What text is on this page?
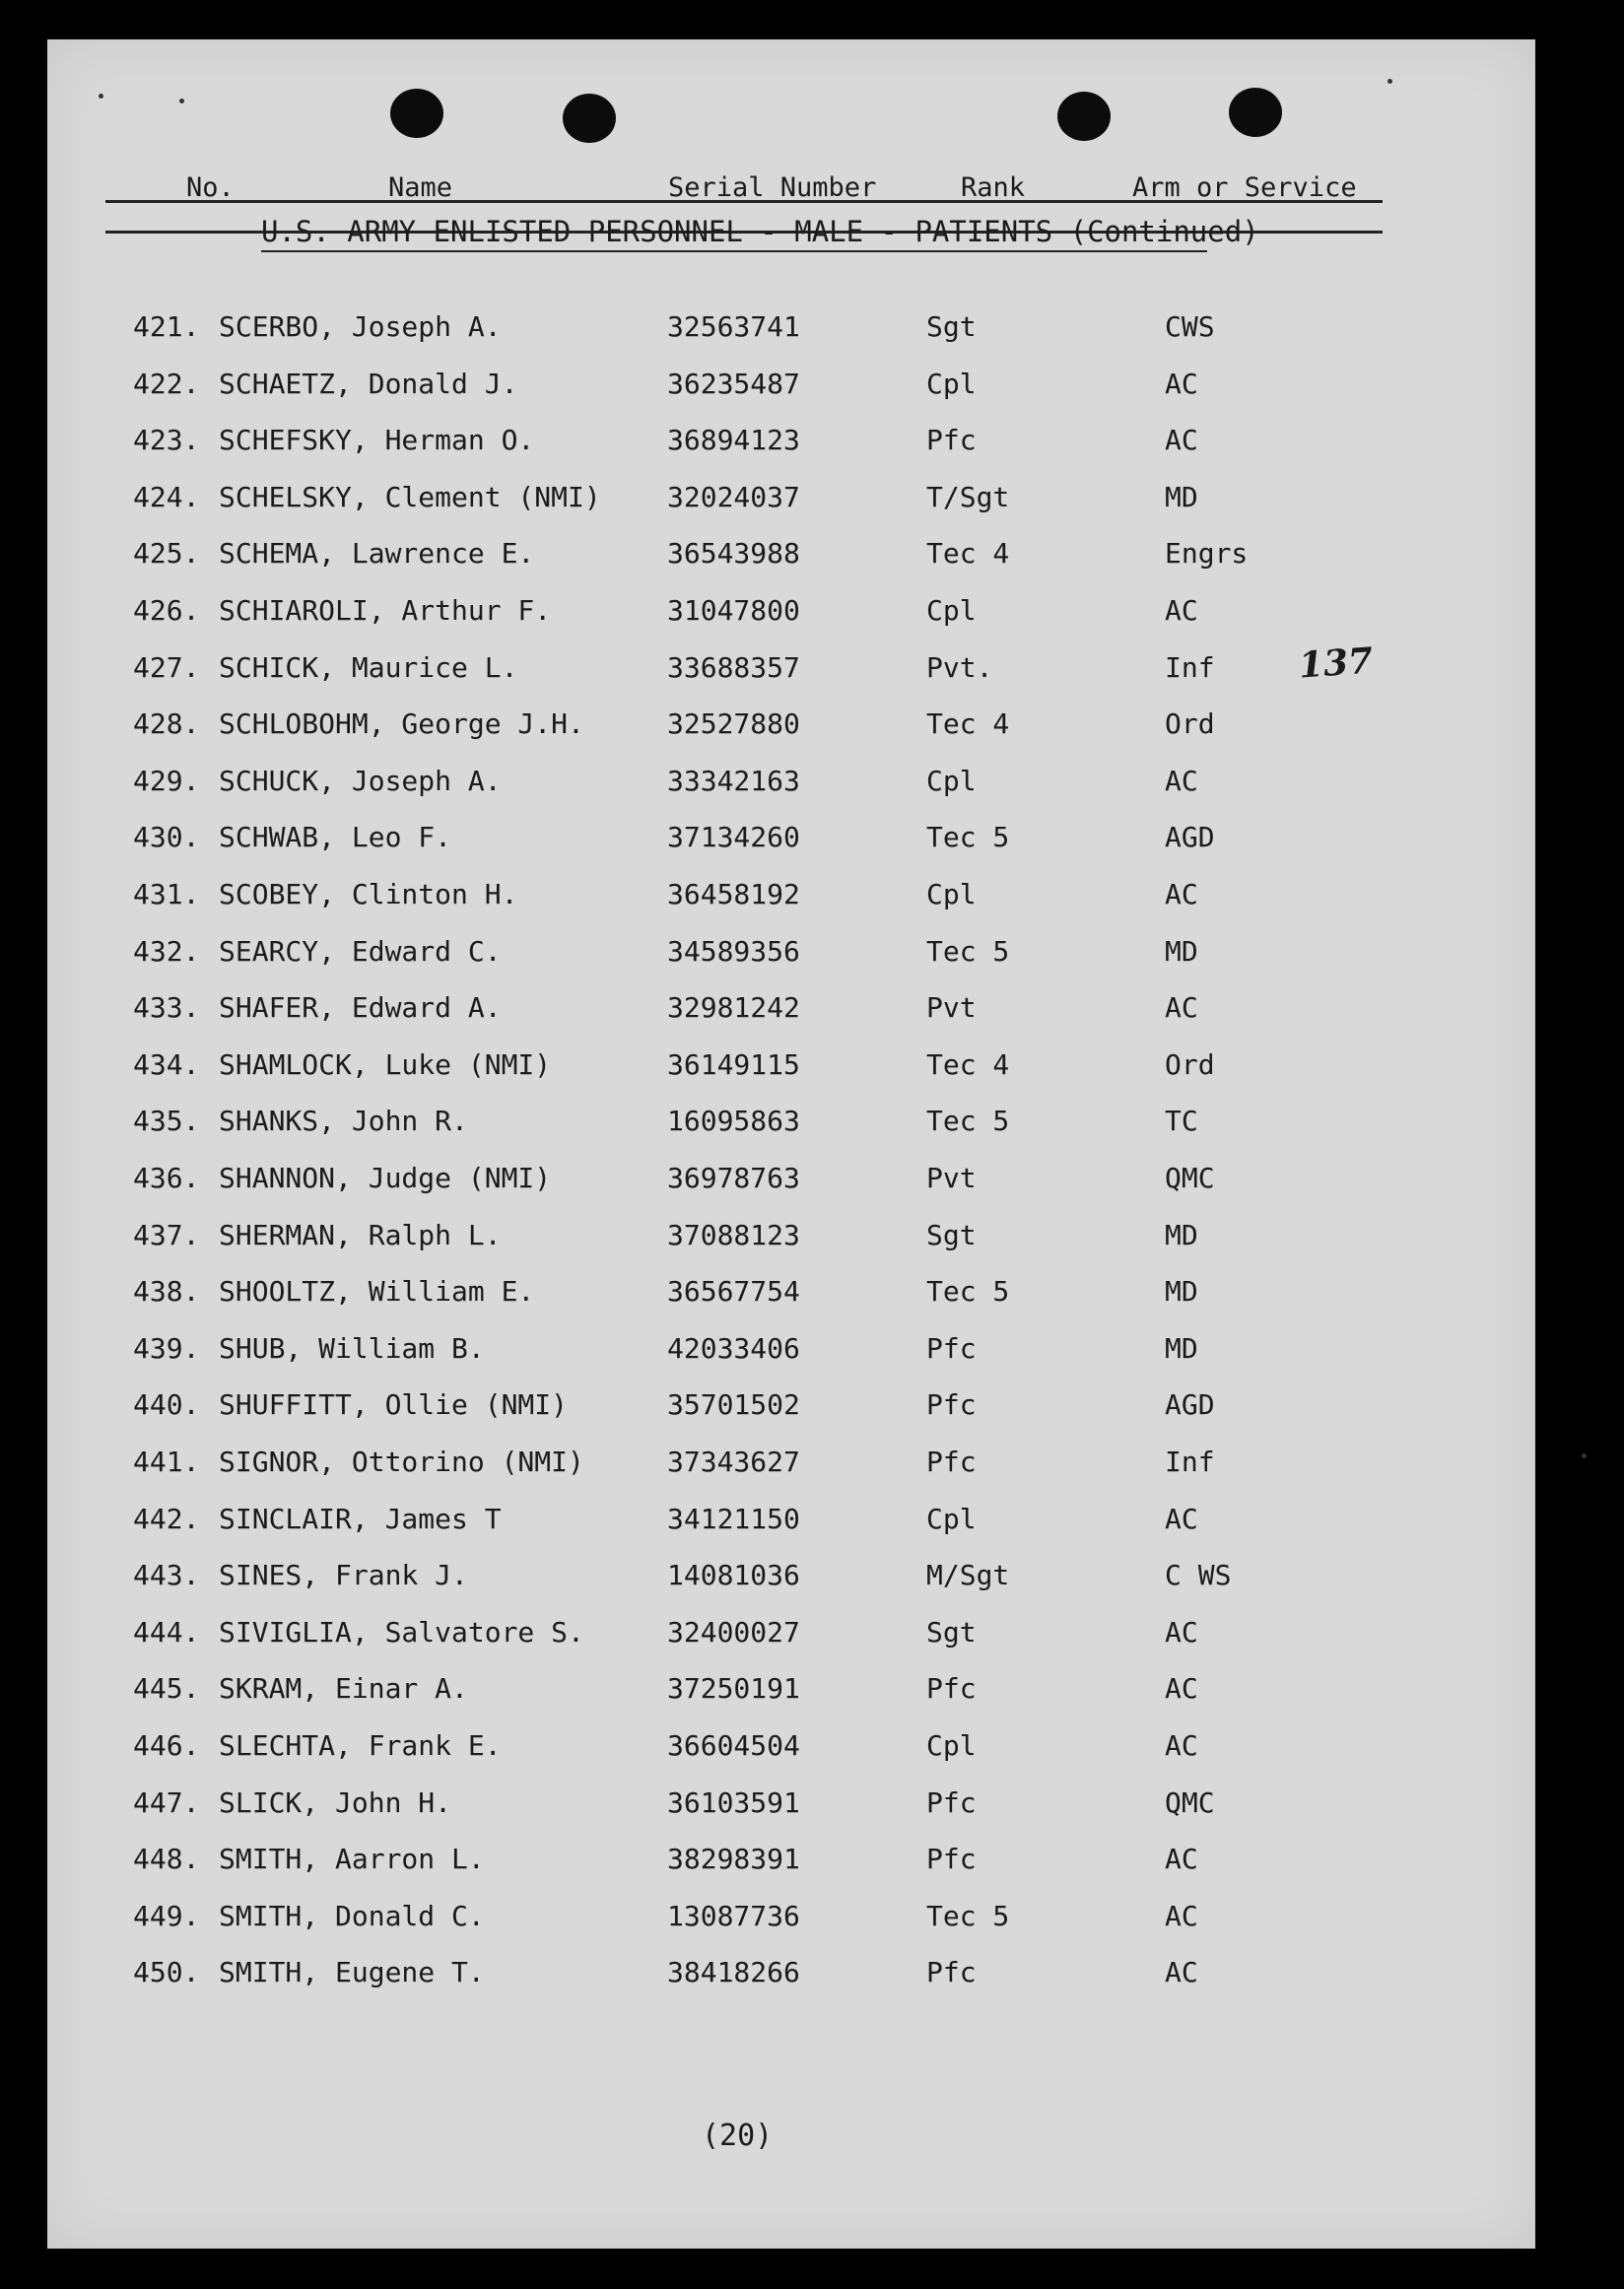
No.	Name	Serial Number	Rank	Arm or Service
U.S. ARMY ENLISTED PERSONNEL - MALE - PATIENTS (Continued)
421. SCERBO, Joseph A.	32563741	Sgt	CWS
422. SCHAETZ, Donald J.	36235487	Cpl	AC
423. SCHEFSKY, Herman O.	36894123	Pfc	AC
424. SCHELSKY, Clement (NMI) 32024037	T/Sgt	MD
425. SCHEMA, Lawrence E.	36543988	Tec 4	Engrs
426. SCHIAROLI, Arthur F.	31047800	Cpl	AC
427. SCHICK, Maurice L.	33688357	Pvt.	Inf
428. SCHLOBOHM, George J.H.	32527880	Tec 4	Ord
429. SCHUCK, Joseph A.	33342163	Cpl	AC
430. SCHWAB, Leo F.	37134260	Tec 5	AGD
431. SCOBEY, Clinton H.	36458192	Cpl	AC
432. SEARCY, Edward C.	34589356	Tec 5	MD
433. SHAFER, Edward A.	32981242	Pvt	AC
434. SHAMLOCK, Luke (NMI)	36149115	Tec 4	Ord
435. SHANKS, John R.	16095863	Tec 5	TC
436. SHANNON, Judge (NMI)	36978763	Pvt	QMC
437. SHERMAN, Ralph L.	37088123	Sgt	MD
438. SHOOLTZ, William E.	36567754	Tec 5	MD
439. SHUB, William B.	42033406	Pfc	MD
440. SHUFFITT, Ollie (NMI)	35701502	Pfc	AGD
441. SIGNOR, Ottorino (NMI)	37343627	Pfc	Inf
442. SINCLAIR, James T	34121150	Cpl	AC
443. SINES, Frank J.	14081036	M/Sgt	C WS
444. SIVIGLIA, Salvatore S.	32400027	Sgt	AC
445. SKRAM, Einar A.	37250191	Pfc	AC
446. SLECHTA, Frank E.	36604504	Cpl	AC
447. SLICK, John H.	36103591	Pfc	QMC
448. SMITH, Aarron L.	38298391	Pfc	AC
449. SMITH, Donald C.	13087736	Tec 5	AC
450. SMITH, Eugene T.	38418266	Pfc	AC
137
(20)
